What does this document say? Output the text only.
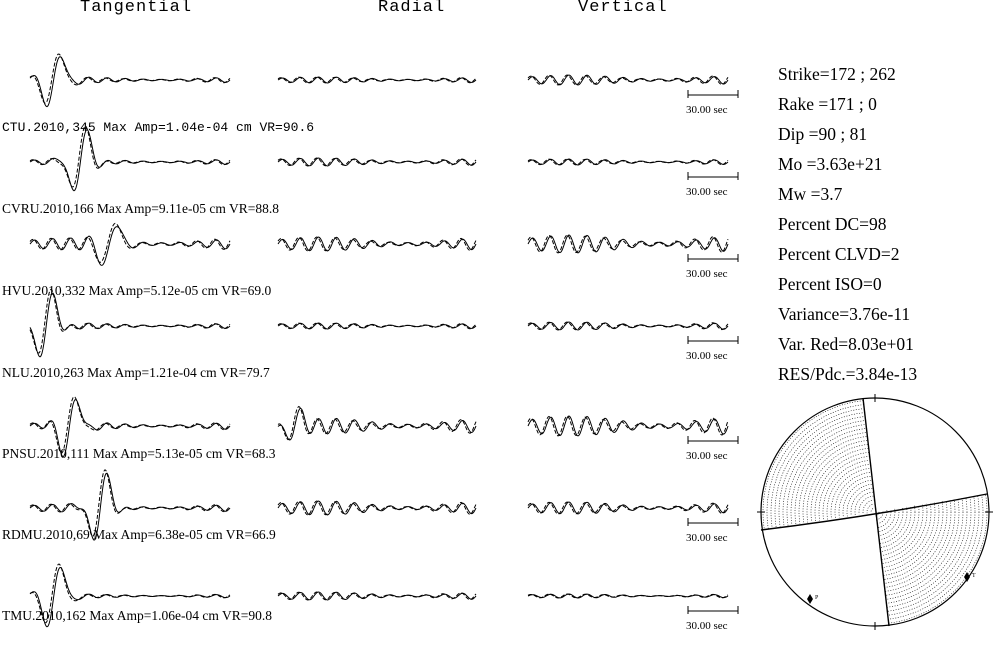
Tangential	Radial	Vertical
30.00 sec
30.00 sec
30.00 sec
30.00 sec
30.00 sec
30.00 sec
30.00 sec
CTU.2010,345 Max Amp=1.04e-04 cm VR=90.6
CVRU.2010,166 Max Amp=9.11e-05 cm VR=88.8
HVU.2010,332 Max Amp=5.12e-05 cm VR=69.0
NLU.2010,263 Max Amp=1.21e-04 cm VR=79.7
PNSU.2010,111 Max Amp=5.13e-05 cm VR=68.3
RDMU.2010,69 Max Amp=6.38e-05 cm VR=66.9
TMU.2010,162 Max Amp=1.06e-04 cm VR=90.8
Strike=172 ; 262
Rake =171 ; 0
Dip =90 ; 81
Mo =3.63e+21
Mw =3.7
Percent DC=98
Percent CLVD=2
Percent ISO=0
Variance=3.76e-11
Var. Red=8.03e+01
RES/Pdc.=3.84e-13
P
T
